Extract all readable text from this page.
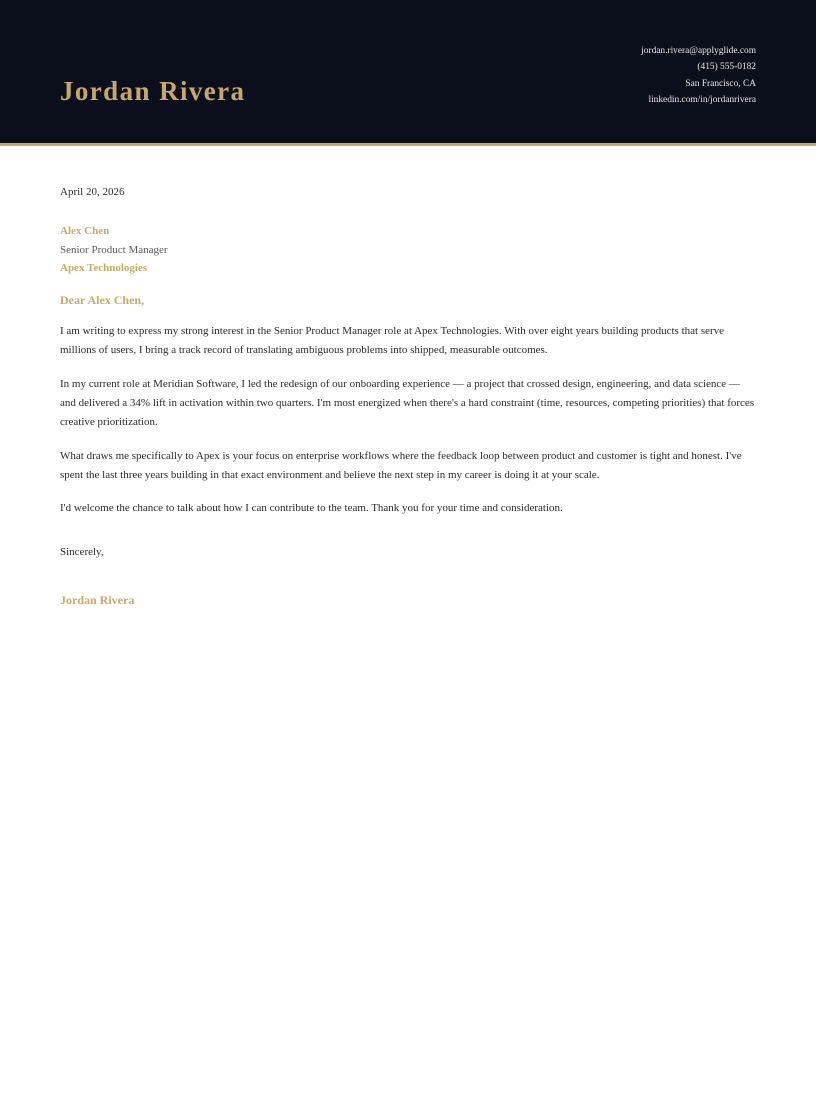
Jordan Rivera
jordan.rivera@applyglide.com
(415) 555-0182
San Francisco, CA
linkedin.com/in/jordanrivera
April 20, 2026
Alex Chen
Senior Product Manager
Apex Technologies
Dear Alex Chen,
I am writing to express my strong interest in the Senior Product Manager role at Apex Technologies. With over eight years building products that serve millions of users, I bring a track record of translating ambiguous problems into shipped, measurable outcomes.
In my current role at Meridian Software, I led the redesign of our onboarding experience — a project that crossed design, engineering, and data science — and delivered a 34% lift in activation within two quarters. I'm most energized when there's a hard constraint (time, resources, competing priorities) that forces creative prioritization.
What draws me specifically to Apex is your focus on enterprise workflows where the feedback loop between product and customer is tight and honest. I've spent the last three years building in that exact environment and believe the next step in my career is doing it at your scale.
I'd welcome the chance to talk about how I can contribute to the team. Thank you for your time and consideration.
Sincerely,
Jordan Rivera
